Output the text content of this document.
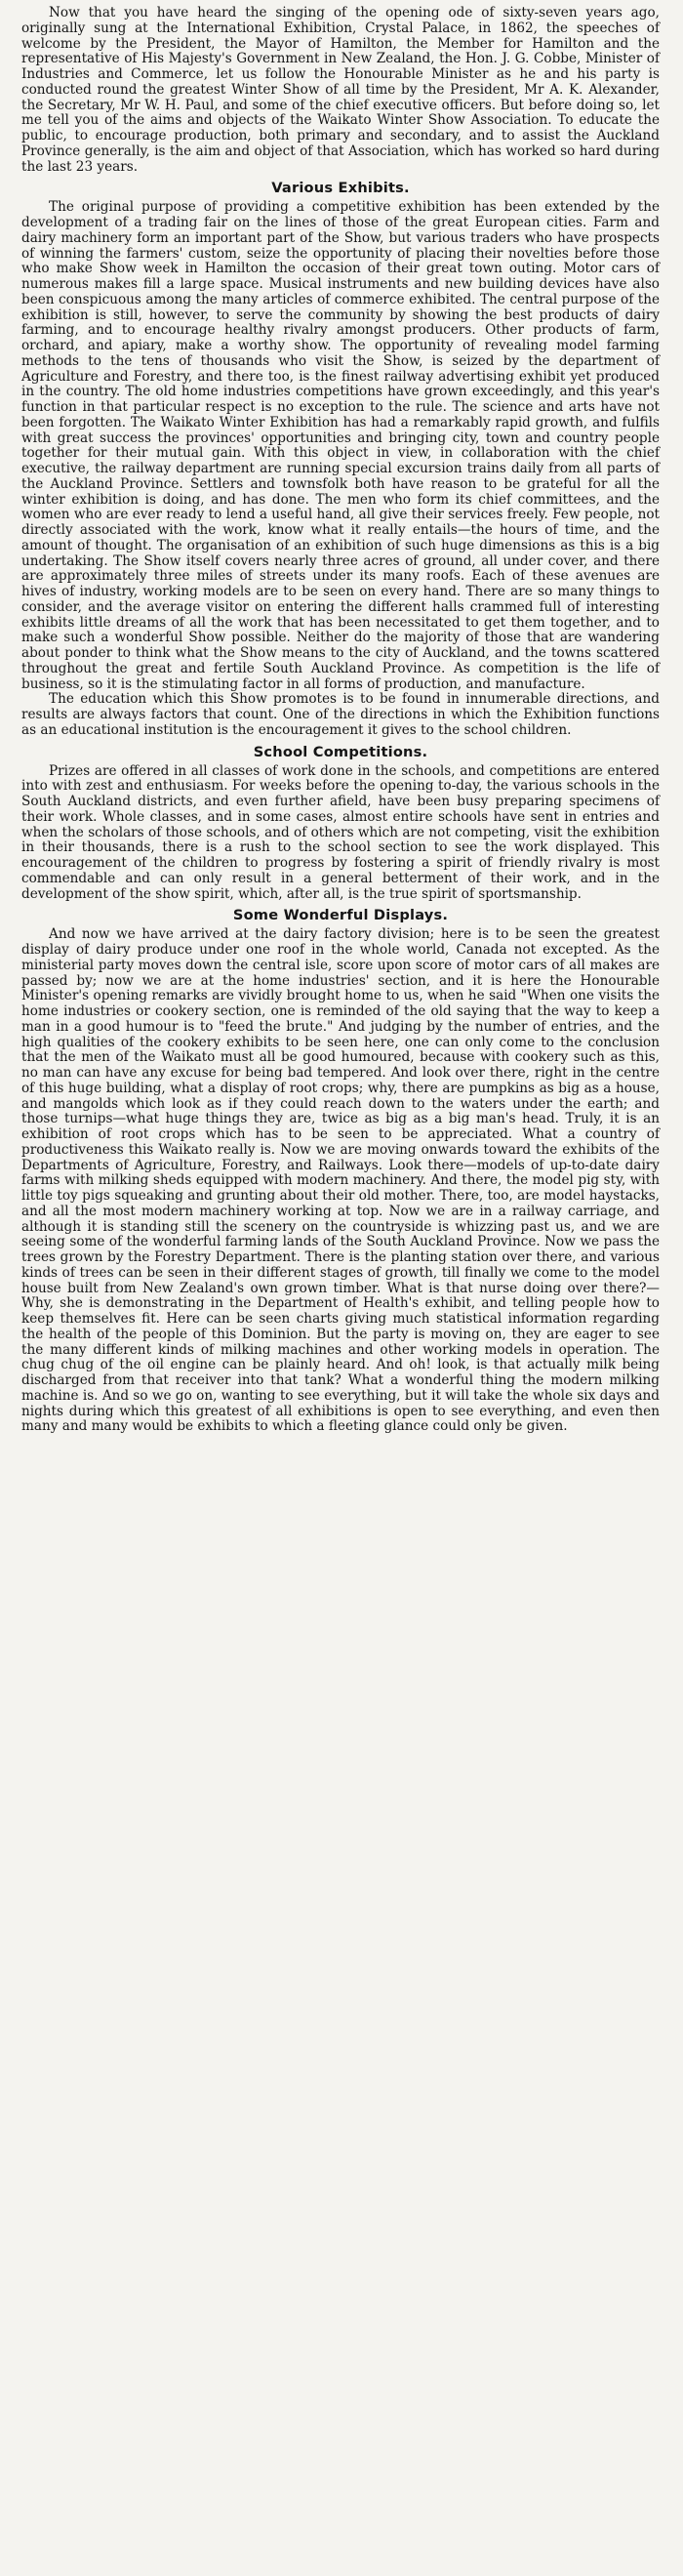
Now that you have heard the singing of the opening ode of sixty-seven years ago, originally sung at the International Exhibition, Crystal Palace, in 1862, the speeches of welcome by the President, the Mayor of Hamilton, the Member for Hamilton and the representative of His Majesty's Government in New Zealand, the Hon. J. G. Cobbe, Minister of Industries and Commerce, let us follow the Honourable Minister as he and his party is conducted round the greatest Winter Show of all time by the President, Mr A. K. Alexander, the Secretary, Mr W. H. Paul, and some of the chief executive officers. But before doing so, let me tell you of the aims and objects of the Waikato Winter Show Association. To educate the public, to encourage production, both primary and secondary, and to assist the Auckland Province generally, is the aim and object of that Association, which has worked so hard during the last 23 years.

Various Exhibits.

The original purpose of providing a competitive exhibition has been extended by the development of a trading fair on the lines of those of the great European cities. Farm and dairy machinery form an important part of the Show, but various traders who have prospects of winning the farmers' custom, seize the opportunity of placing their novelties before those who make Show week in Hamilton the occasion of their great town outing. Motor cars of numerous makes fill a large space. Musical instruments and new building devices have also been conspicuous among the many articles of commerce exhibited. The central purpose of the exhibition is still, however, to serve the community by showing the best products of dairy farming, and to encourage healthy rivalry amongst producers. Other products of farm, orchard, and apiary, make a worthy show. The opportunity of revealing model farming methods to the tens of thousands who visit the Show, is seized by the department of Agriculture and Forestry, and there too, is the finest railway advertising exhibit yet produced in the country. The old home industries competitions have grown exceedingly, and this year's function in that particular respect is no exception to the rule. The science and arts have not been forgotten. The Waikato Winter Exhibition has had a remarkably rapid growth, and fulfils with great success the provinces' opportunities and bringing city, town and country people together for their mutual gain. With this object in view, in collaboration with the chief executive, the railway department are running special excursion trains daily from all parts of the Auckland Province. Settlers and townsfolk both have reason to be grateful for all the winter exhibition is doing, and has done. The men who form its chief committees, and the women who are ever ready to lend a useful hand, all give their services freely. Few people, not directly associated with the work, know what it really entails—the hours of time, and the amount of thought. The organisation of an exhibition of such huge dimensions as this is a big undertaking. The Show itself covers nearly three acres of ground, all under cover, and there are approximately three miles of streets under its many roofs. Each of these avenues are hives of industry, working models are to be seen on every hand. There are so many things to consider, and the average visitor on entering the different halls crammed full of interesting exhibits little dreams of all the work that has been necessitated to get them together, and to make such a wonderful Show possible. Neither do the majority of those that are wandering about ponder to think what the Show means to the city of Auckland, and the towns scattered throughout the great and fertile South Auckland Province. As competition is the life of business, so it is the stimulating factor in all forms of production, and manufacture.

The education which this Show promotes is to be found in innumerable directions, and results are always factors that count. One of the directions in which the Exhibition functions as an educational institution is the encouragement it gives to the school children.

School Competitions.

Prizes are offered in all classes of work done in the schools, and competitions are entered into with zest and enthusiasm. For weeks before the opening to-day, the various schools in the South Auckland districts, and even further afield, have been busy preparing specimens of their work. Whole classes, and in some cases, almost entire schools have sent in entries and when the scholars of those schools, and of others which are not competing, visit the exhibition in their thousands, there is a rush to the school section to see the work displayed. This encouragement of the children to progress by fostering a spirit of friendly rivalry is most commendable and can only result in a general betterment of their work, and in the development of the show spirit, which, after all, is the true spirit of sportsmanship.

Some Wonderful Displays.

And now we have arrived at the dairy factory division; here is to be seen the greatest display of dairy produce under one roof in the whole world, Canada not excepted. As the ministerial party moves down the central isle, score upon score of motor cars of all makes are passed by; now we are at the home industries' section, and it is here the Honourable Minister's opening remarks are vividly brought home to us, when he said "When one visits the home industries or cookery section, one is reminded of the old saying that the way to keep a man in a good humour is to "feed the brute." And judging by the number of entries, and the high qualities of the cookery exhibits to be seen here, one can only come to the conclusion that the men of the Waikato must all be good humoured, because with cookery such as this, no man can have any excuse for being bad tempered. And look over there, right in the centre of this huge building, what a display of root crops; why, there are pumpkins as big as a house, and mangolds which look as if they could reach down to the waters under the earth; and those turnips—what huge things they are, twice as big as a big man's head. Truly, it is an exhibition of root crops which has to be seen to be appreciated. What a country of productiveness this Waikato really is. Now we are moving onwards toward the exhibits of the Departments of Agriculture, Forestry, and Railways. Look there—models of up-to-date dairy farms with milking sheds equipped with modern machinery. And there, the model pig sty, with little toy pigs squeaking and grunting about their old mother. There, too, are model haystacks, and all the most modern machinery working at top. Now we are in a railway carriage, and although it is standing still the scenery on the countryside is whizzing past us, and we are seeing some of the wonderful farming lands of the South Auckland Province. Now we pass the trees grown by the Forestry Department. There is the planting station over there, and various kinds of trees can be seen in their different stages of growth, till finally we come to the model house built from New Zealand's own grown timber. What is that nurse doing over there?—Why, she is demonstrating in the Department of Health's exhibit, and telling people how to keep themselves fit. Here can be seen charts giving much statistical information regarding the health of the people of this Dominion. But the party is moving on, they are eager to see the many different kinds of milking machines and other working models in operation. The chug chug of the oil engine can be plainly heard. And oh! look, is that actually milk being discharged from that receiver into that tank? What a wonderful thing the modern milking machine is. And so we go on, wanting to see everything, but it will take the whole six days and nights during which this greatest of all exhibitions is open to see everything, and even then many and many would be exhibits to which a fleeting glance could only be given.
